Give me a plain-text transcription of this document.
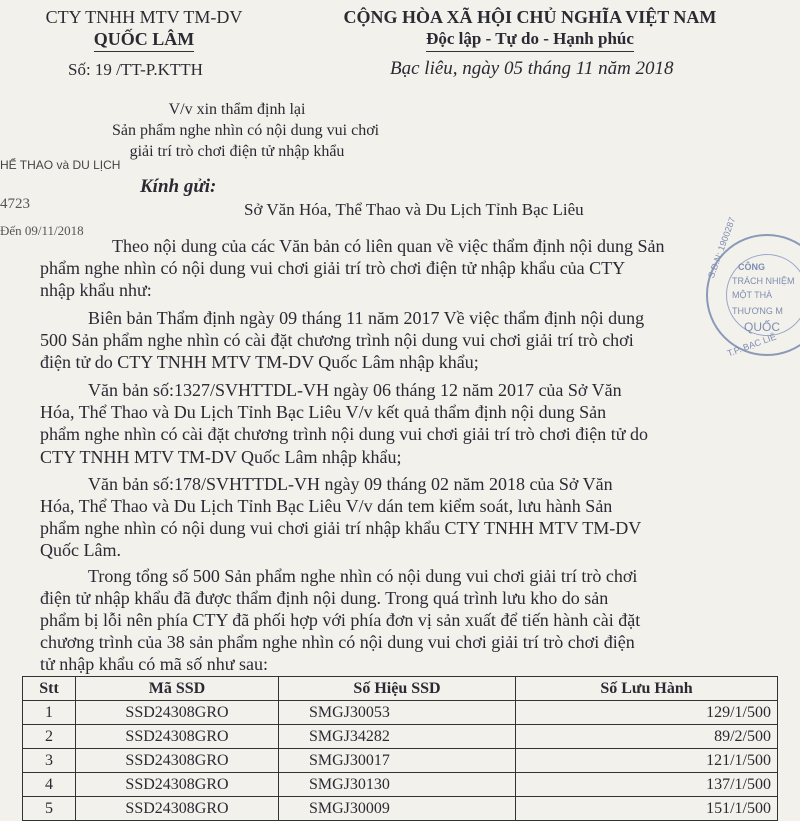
CTY TNHH MTV TM-DV
QUỐC LÂM
CỘNG HÒA XÃ HỘI CHỦ NGHĨA VIỆT NAM
Độc lập - Tự do - Hạnh phúc
Số: 19 /TT-P.KTTH	Bạc liêu, ngày 05 tháng 11 năm 2018
V/v xin thẩm định lại
Sản phẩm nghe nhìn có nội dung vui chơi
giải trí trò chơi điện tử nhập khẩu
HỂ THAO và DU LỊCH
4723
Đến 09/11/2018
Kính gửi:
Sở Văn Hóa, Thể Thao và Du Lịch Tỉnh Bạc Liêu
Theo nội dung của các Văn bản có liên quan về việc thẩm định nội dung Sản
phẩm nghe nhìn có nội dung vui chơi giải trí trò chơi điện tử nhập khẩu của CTY
nhập khẩu như:
Biên bản Thẩm định ngày 09 tháng 11 năm 2017 Về việc thẩm định nội dung
500 Sản phẩm nghe nhìn có cài đặt chương trình nội dung vui chơi giải trí trò chơi
điện tử do CTY TNHH MTV TM-DV Quốc Lâm nhập khẩu;
Văn bản số:1327/SVHTTDL-VH ngày 06 tháng 12 năm 2017 của Sở Văn
Hóa, Thể Thao và Du Lịch Tỉnh Bạc Liêu V/v kết quả thẩm định nội dung Sản
phẩm nghe nhìn có cài đặt chương trình nội dung vui chơi giải trí trò chơi điện tử do
CTY TNHH MTV TM-DV Quốc Lâm nhập khẩu;
Văn bản số:178/SVHTTDL-VH ngày 09 tháng 02 năm 2018 của Sở Văn
Hóa, Thể Thao và Du Lịch Tỉnh Bạc Liêu V/v dán tem kiểm soát, lưu hành Sản
phẩm nghe nhìn có nội dung vui chơi giải trí nhập khẩu CTY TNHH MTV TM-DV
Quốc Lâm.
Trong tổng số 500 Sản phẩm nghe nhìn có nội dung vui chơi giải trí trò chơi
điện tử nhập khẩu đã được thẩm định nội dung. Trong quá trình lưu kho do sản
phẩm bị lỗi nên phía CTY đã phối hợp với phía đơn vị sản xuất để tiến hành cài đặt
chương trình của 38 sản phẩm nghe nhìn có nội dung vui chơi giải trí trò chơi điện
tử nhập khẩu có mã số như sau:
S.Đ.N: 1900287 CÔNG
TRÁCH NHIỆM
MỘT THÀ
THƯƠNG M
QUỐC
T.P. BẠC LIÊ
Stt	Mã SSD	Số Hiệu SSD	Số Lưu Hành
1	SSD24308GRO	SMGJ30053	129/1/500
2	SSD24308GRO	SMGJ34282	89/2/500
3	SSD24308GRO	SMGJ30017	121/1/500
4	SSD24308GRO	SMGJ30130	137/1/500
5	SSD24308GRO	SMGJ30009	151/1/500
